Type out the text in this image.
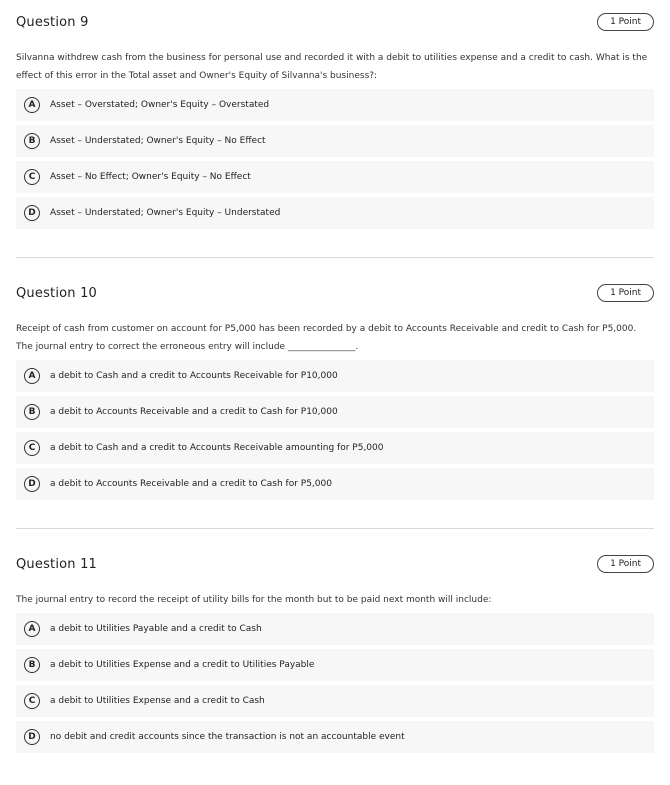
Question 9	1 Point
Silvanna withdrew cash from the business for personal use and recorded it with a debit to utilities expense and a credit to cash. What is the effect of this error in the Total asset and Owner's Equity of Silvanna's business?:
A	Asset – Overstated; Owner's Equity – Overstated
B	Asset – Understated; Owner's Equity – No Effect
C	Asset – No Effect; Owner's Equity – No Effect
D	Asset – Understated; Owner's Equity – Understated
Question 10	1 Point
Receipt of cash from customer on account for P5,000 has been recorded by a debit to Accounts Receivable and credit to Cash for P5,000. The journal entry to correct the erroneous entry will include _______________.
A	a debit to Cash and a credit to Accounts Receivable for P10,000
B	a debit to Accounts Receivable and a credit to Cash for P10,000
C	a debit to Cash and a credit to Accounts Receivable amounting for P5,000
D	a debit to Accounts Receivable and a credit to Cash for P5,000
Question 11	1 Point
The journal entry to record the receipt of utility bills for the month but to be paid next month will include:
A	a debit to Utilities Payable and a credit to Cash
B	a debit to Utilities Expense and a credit to Utilities Payable
C	a debit to Utilities Expense and a credit to Cash
D	no debit and credit accounts since the transaction is not an accountable event
